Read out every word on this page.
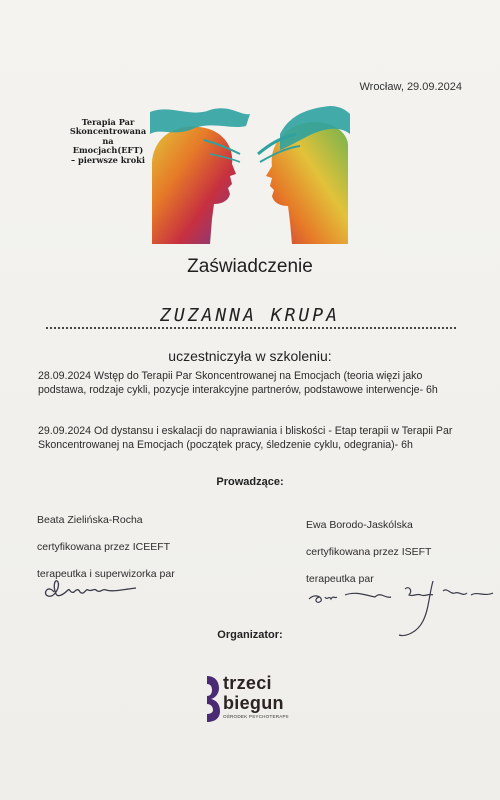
Wrocław, 29.09.2024
Terapia Par
Skoncentrowana
na
Emocjach(EFT)
– pierwsze kroki
Zaświadczenie
ZUZANNA KRUPA
uczestniczyła w szkoleniu:
28.09.2024 Wstęp do Terapii Par Skoncentrowanej na Emocjach (teoria więzi jako podstawa, rodzaje cykli, pozycje interakcyjne partnerów, podstawowe interwencje- 6h
29.09.2024 Od dystansu i eskalacji do naprawiania i bliskości - Etap terapii w Terapii Par Skoncentrowanej na Emocjach (początek pracy, śledzenie cyklu, odegrania)- 6h
Prowadzące:
Beata Zielińska-Rocha
certyfikowana przez ICEEFT
terapeutka i superwizorka par
Ewa Borodo-Jaskólska
certyfikowana przez ISEFT
terapeutka par
Organizator:
trzeci
biegun
OŚRODEK PSYCHOTERAPII
